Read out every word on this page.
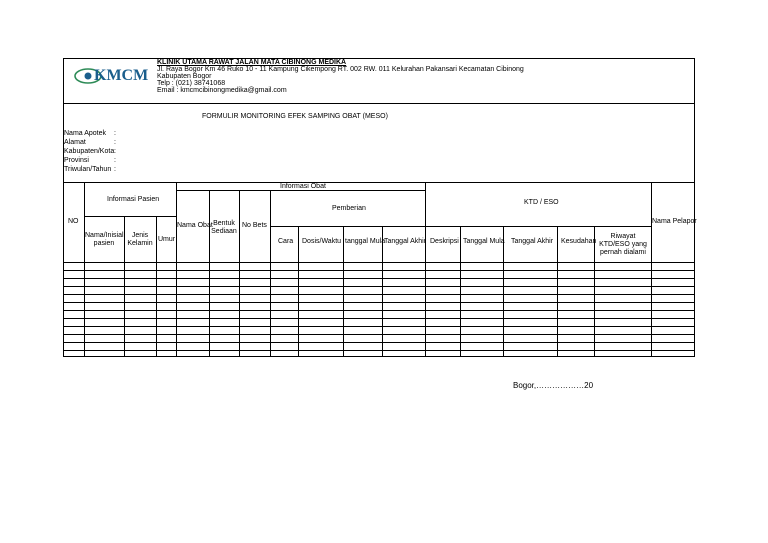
KMCM
KLINIK UTAMA RAWAT JALAN MATA CIBINONG MEDIKA
Jl. Raya Bogor Km 46 Ruko 10 - 11 Kampung Cikempong RT. 002 RW. 011 Kelurahan Pakansari Kecamatan Cibinong
Kabupaten Bogor
Telp : (021) 38741068
Email : kmcmcibinongmedika@gmail.com
FORMULIR MONITORING EFEK SAMPING OBAT (MESO)
Nama Apotek :
Alamat	:
Kabupaten/Kota :
Provinsi	:
Triwulan/Tahun :
NO
Informasi Pasien
Nama/Inisial pasien
Jenis Kelamin
Umur
Informasi Obat
Nama Obat Bentuk Sediaan
No Bets
Pemberian
Cara Dosis/Waktu tanggal Mula
Tanggal Akhir
KTD / ESO
Deskripsi Tanggal Mula Tanggal Akhir Kesudahan
Riwayat KTD/ESO yang pernah dialami
Nama Pelapor
Bogor,………………20
